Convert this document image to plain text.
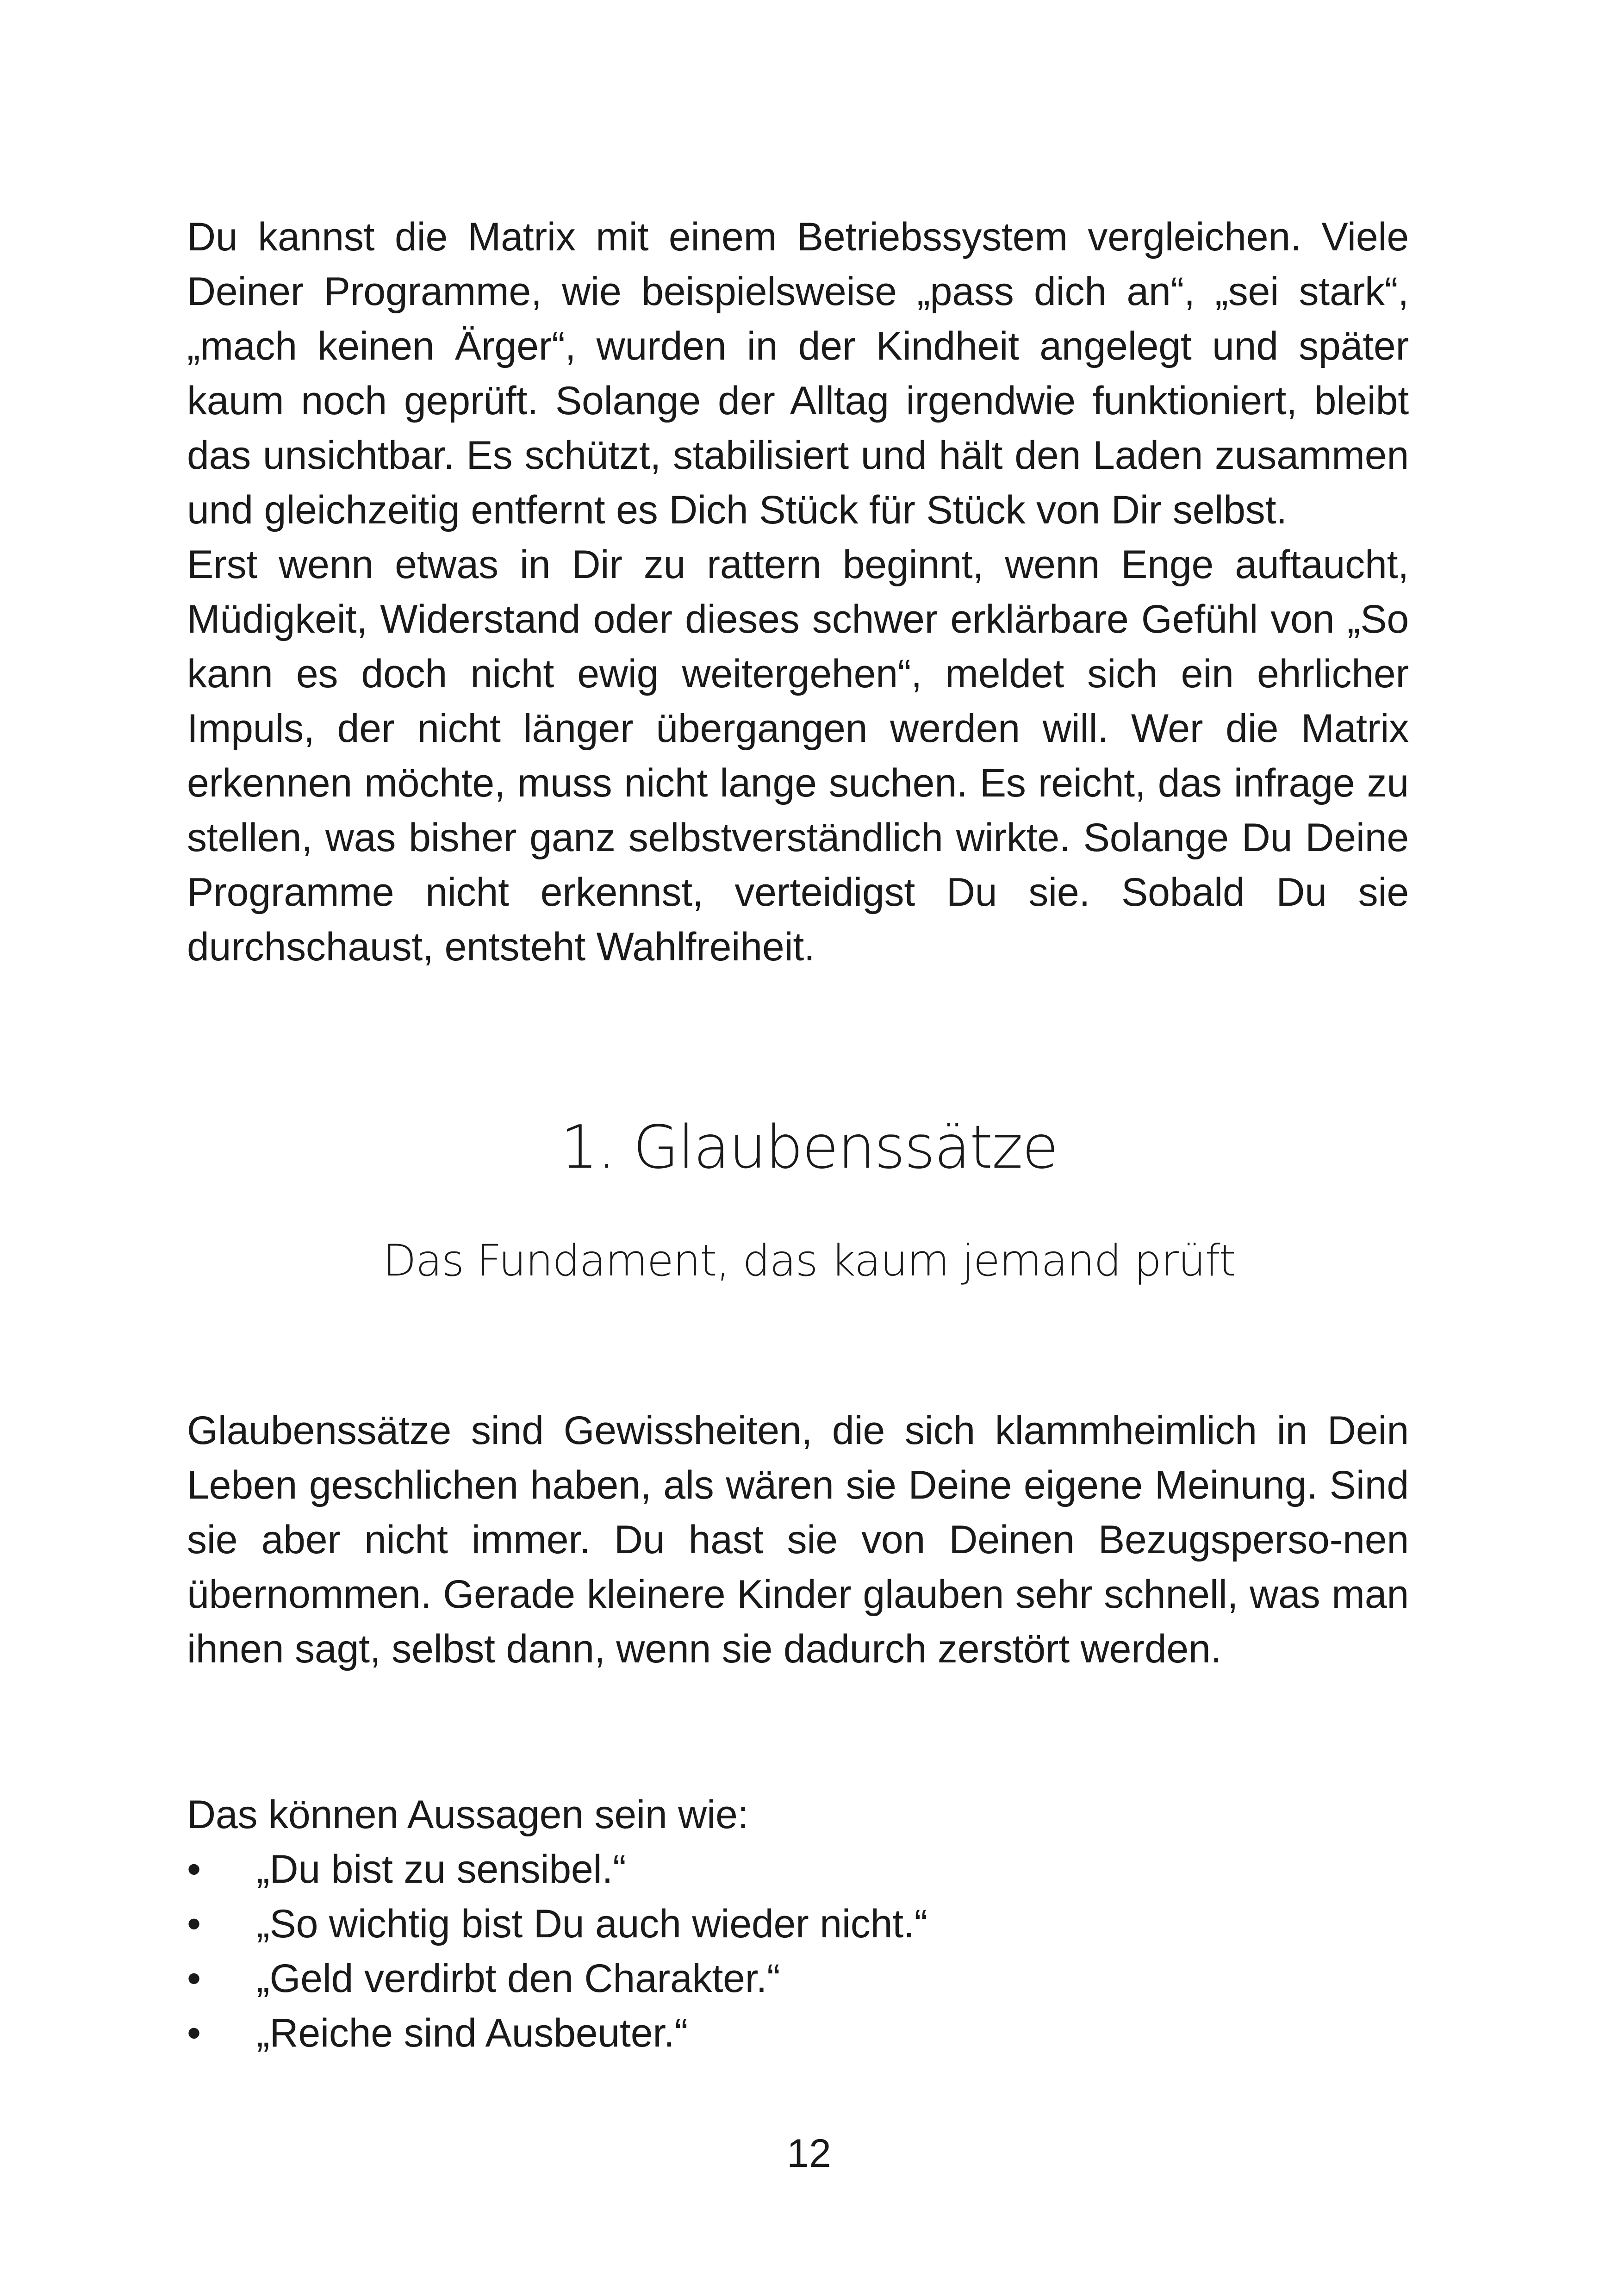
Du kannst die Matrix mit einem Betriebssystem vergleichen. Viele Deiner Programme, wie beispielsweise „pass dich an“, „sei stark“, „mach keinen Ärger“, wurden in der Kindheit angelegt und später kaum noch geprüft. Solange der Alltag irgendwie funktioniert, bleibt das unsichtbar. Es schützt, stabilisiert und hält den Laden zusammen und gleichzeitig entfernt es Dich Stück für Stück von Dir selbst.

Erst wenn etwas in Dir zu rattern beginnt, wenn Enge auftaucht, Müdigkeit, Widerstand oder dieses schwer erklärbare Gefühl von „So kann es doch nicht ewig weitergehen“, meldet sich ein ehrlicher Impuls, der nicht länger übergangen werden will. Wer die Matrix erkennen möchte, muss nicht lange suchen. Es reicht, das infrage zu stellen, was bisher ganz selbstverständlich wirkte. Solange Du Deine Programme nicht erkennst, verteidigst Du sie. Sobald Du sie durchschaust, entsteht Wahlfreiheit.

1. Glaubenssätze
Das Fundament, das kaum jemand prüft

Glaubenssätze sind Gewissheiten, die sich klammheimlich in Dein Leben geschlichen haben, als wären sie Deine eigene Meinung. Sind sie aber nicht immer. Du hast sie von Deinen Bezugsperso-nen übernommen. Gerade kleinere Kinder glauben sehr schnell, was man ihnen sagt, selbst dann, wenn sie dadurch zerstört werden.

Das können Aussagen sein wie:

• „Du bist zu sensibel.“
• „So wichtig bist Du auch wieder nicht.“
• „Geld verdirbt den Charakter.“
• „Reiche sind Ausbeuter.“
12
